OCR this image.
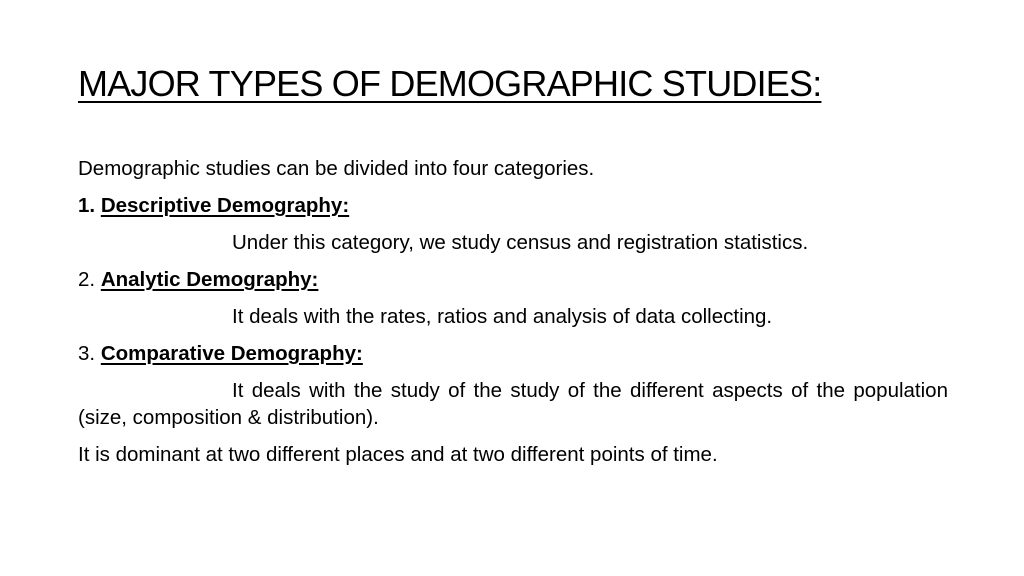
MAJOR TYPES OF DEMOGRAPHIC STUDIES:
Demographic studies can be divided into four categories.
1. Descriptive Demography:
Under this category, we study census and registration statistics.
2. Analytic Demography:
It deals with the rates, ratios and analysis of data collecting.
3. Comparative Demography:
It deals with the study of the study of the different aspects of the population (size, composition & distribution).
It is dominant at two different places and at two different points of time.
